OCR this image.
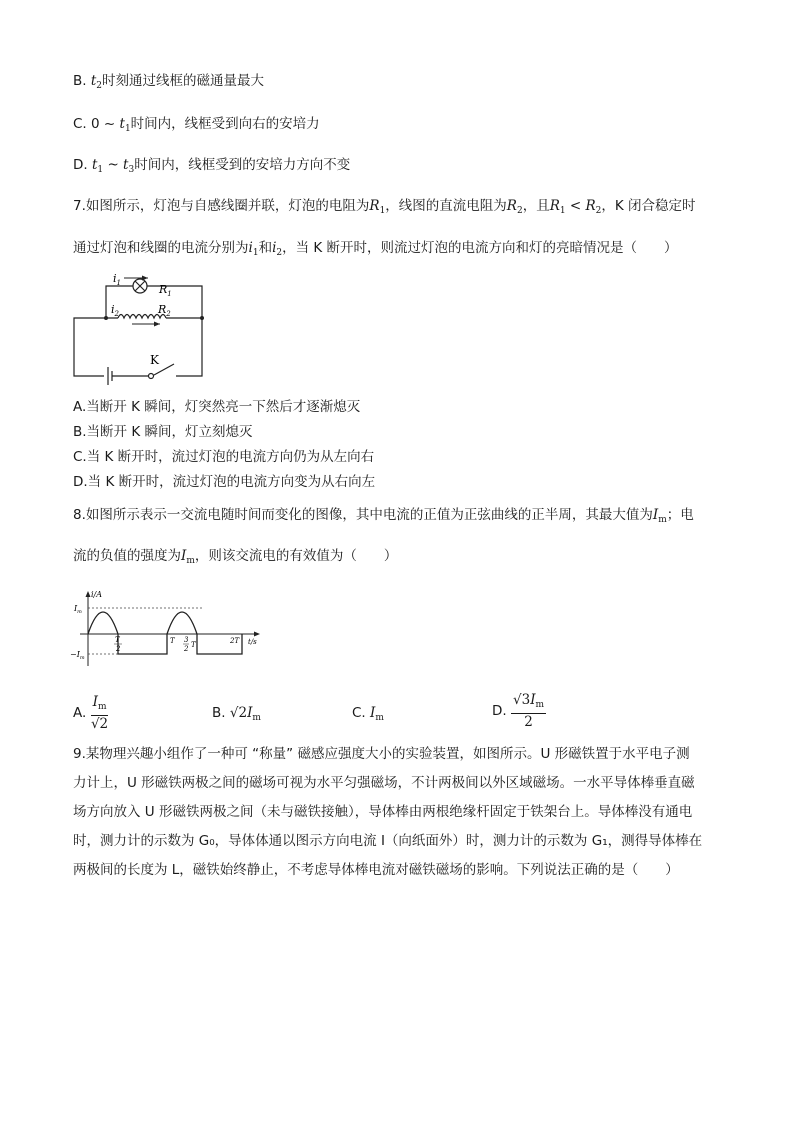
B. $t_2$时刻通过线框的磁通量最大
C. 0 ~ $t_1$时间内，线框受到向右的安培力
D. $t_1$ ~ $t_3$时间内，线框受到的安培力方向不变
7.如图所示，灯泡与自感线圈并联，灯泡的电阻为$R_1$，线图的直流电阻为$R_2$，且$R_1 < R_2$，K 闭合稳定时
通过灯泡和线圈的电流分别为$i_1$和$i_2$，当 K 断开时，则流过灯泡的电流方向和灯的亮暗情况是（　　）
$i_1$	$R_1$
$i_2$	$R_2$
K
A.当断开 K 瞬间，灯突然亮一下然后才逐渐熄灭
B.当断开 K 瞬间，灯立刻熄灭
C.当 K 断开时，流过灯泡的电流方向仍为从左向右
D.当 K 断开时，流过灯泡的电流方向变为从右向左
8.如图所示表示一交流电随时间而变化的图像，其中电流的正值为正弦曲线的正半周，其最大值为$I_m$；电
流的负值的强度为$I_m$，则该交流电的有效值为（　　）
i/A
$I_m$
$-I_m$
t/s
T
2
T 3
2 T	2T
A. $\frac{I_m}{√2}$	B. $√2I_m$	C. $I_m$	D. $\frac{√3I_m}{2}$
9.某物理兴趣小组作了一种可 “称量” 磁感应强度大小的实验装置，如图所示。U 形磁铁置于水平电子测
力计上，U 形磁铁两极之间的磁场可视为水平匀强磁场，不计两极间以外区域磁场。一水平导体棒垂直磁
场方向放入 U 形磁铁两极之间（未与磁铁接触），导体棒由两根绝缘杆固定于铁架台上。导体棒没有通电
时，测力计的示数为 G₀，导体体通以图示方向电流 I（向纸面外）时，测力计的示数为 G₁，测得导体棒在
两极间的长度为 L，磁铁始终静止，不考虑导体棒电流对磁铁磁场的影响。下列说法正确的是（　　）
